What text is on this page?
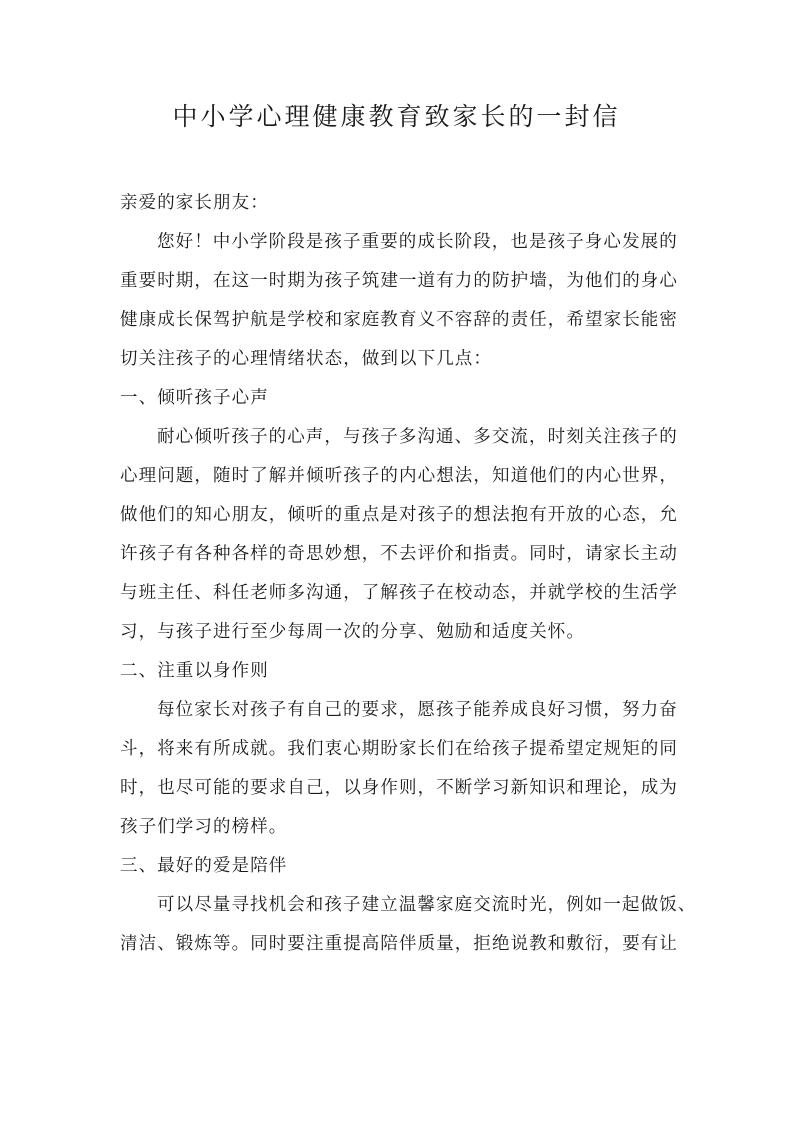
中小学心理健康教育致家长的一封信
亲爱的家长朋友：
您好！中小学阶段是孩子重要的成长阶段，也是孩子身心发展的
重要时期，在这一时期为孩子筑建一道有力的防护墙，为他们的身心
健康成长保驾护航是学校和家庭教育义不容辞的责任，希望家长能密
切关注孩子的心理情绪状态，做到以下几点：
一、倾听孩子心声
耐心倾听孩子的心声，与孩子多沟通、多交流，时刻关注孩子的
心理问题，随时了解并倾听孩子的内心想法，知道他们的内心世界，
做他们的知心朋友，倾听的重点是对孩子的想法抱有开放的心态，允
许孩子有各种各样的奇思妙想，不去评价和指责。同时，请家长主动
与班主任、科任老师多沟通，了解孩子在校动态，并就学校的生活学
习，与孩子进行至少每周一次的分享、勉励和适度关怀。
二、注重以身作则
每位家长对孩子有自己的要求，愿孩子能养成良好习惯，努力奋
斗，将来有所成就。我们衷心期盼家长们在给孩子提希望定规矩的同
时，也尽可能的要求自己，以身作则，不断学习新知识和理论，成为
孩子们学习的榜样。
三、最好的爱是陪伴
可以尽量寻找机会和孩子建立温馨家庭交流时光，例如一起做饭、
清洁、锻炼等。同时要注重提高陪伴质量，拒绝说教和敷衍，要有让
